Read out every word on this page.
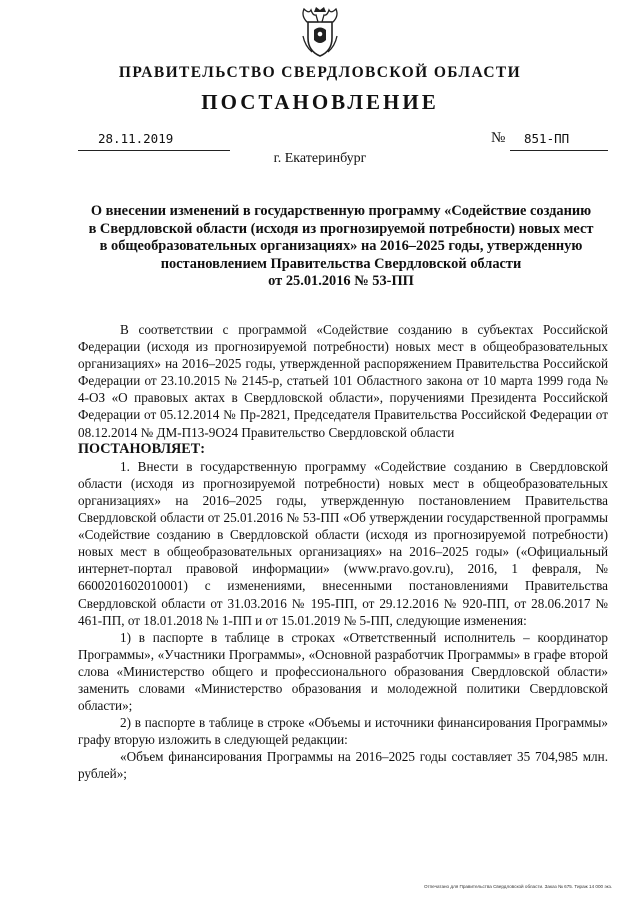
ПРАВИТЕЛЬСТВО СВЕРДЛОВСКОЙ ОБЛАСТИ
ПОСТАНОВЛЕНИЕ
28.11.2019	№ 851-ПП
г. Екатеринбург
О внесении изменений в государственную программу «Содействие созданию
в Свердловской области (исходя из прогнозируемой потребности) новых мест
в общеобразовательных организациях» на 2016–2025 годы, утвержденную
постановлением Правительства Свердловской области
от 25.01.2016 № 53-ПП

В соответствии с программой «Содействие созданию в субъектах Российской Федерации (исходя из прогнозируемой потребности) новых мест в общеобразовательных организациях» на 2016–2025 годы, утвержденной распоряжением Правительства Российской Федерации от 23.10.2015 № 2145-р, статьей 101 Областного закона от 10 марта 1999 года № 4-ОЗ «О правовых актах в Свердловской области», поручениями Президента Российской Федерации от 05.12.2014 № Пр-2821, Председателя Правительства Российской Федерации от 08.12.2014 № ДМ-П13-9О24 Правительство Свердловской области

ПОСТАНОВЛЯЕТ:

1. Внести в государственную программу «Содействие созданию в Свердловской области (исходя из прогнозируемой потребности) новых мест в общеобразовательных организациях» на 2016–2025 годы, утвержденную постановлением Правительства Свердловской области от 25.01.2016 № 53-ПП «Об утверждении государственной программы «Содействие созданию в Свердловской области (исходя из прогнозируемой потребности) новых мест в общеобразовательных организациях» на 2016–2025 годы» («Официальный интернет-портал правовой информации» (www.pravo.gov.ru), 2016, 1 февраля, № 6600201602010001) с изменениями, внесенными постановлениями Правительства Свердловской области от 31.03.2016 № 195-ПП, от 29.12.2016 № 920-ПП, от 28.06.2017 № 461-ПП, от 18.01.2018 № 1-ПП и от 15.01.2019 № 5-ПП, следующие изменения:

1) в паспорте в таблице в строках «Ответственный исполнитель – координатор Программы», «Участники Программы», «Основной разработчик Программы» в графе второй слова «Министерство общего и профессионального образования Свердловской области» заменить словами «Министерство образования и молодежной политики Свердловской области»;

2) в паспорте в таблице в строке «Объемы и источники финансирования Программы» графу вторую изложить в следующей редакции:

«Объем финансирования Программы на 2016–2025 годы составляет 35 704,985 млн. рублей»;

Отпечатано для Правительства Свердловской области. Заказ № 675. Тираж 14 000 экз.
